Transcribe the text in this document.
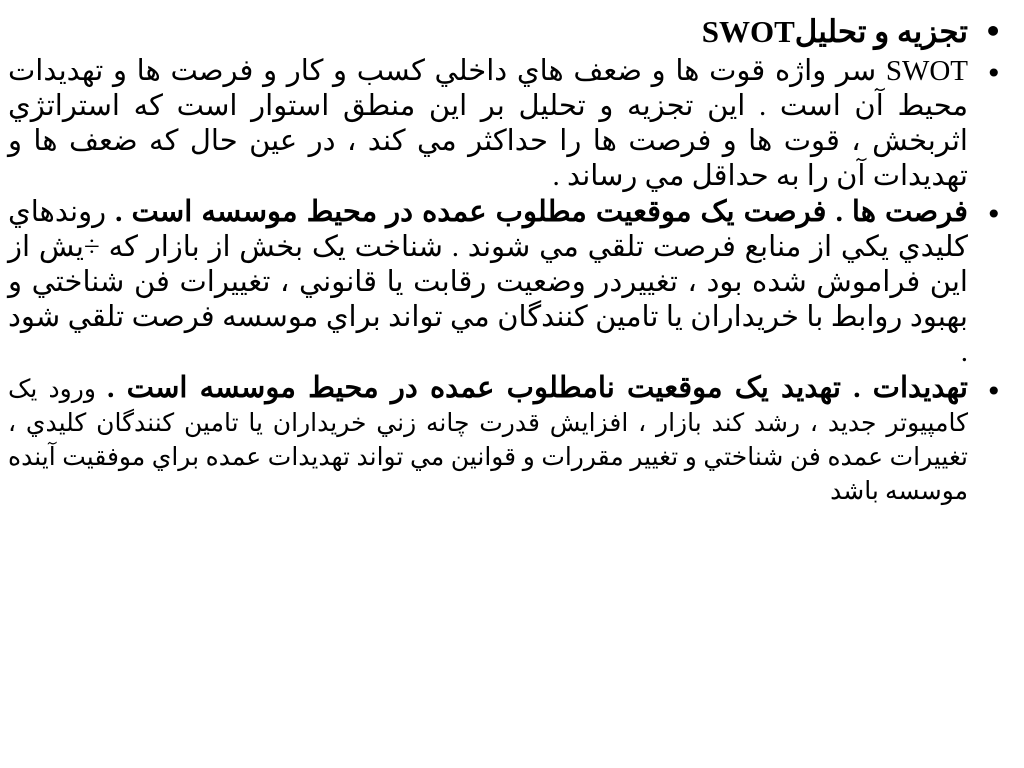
•
تجزيه و تحليلSWOT
•
SWOT سر واژه قوت ها و ضعف هاي داخلي كسب و كار و فرصت ها و تهديدات محيط آن است . اين تجزيه و تحليل بر اين منطق استوار است كه استراتژي اثربخش ، قوت ها و فرصت ها را حداكثر مي كند ، در عين حال كه ضعف ها و تهديدات آن را به حداقل مي رساند .
•
فرصت ها . فرصت يک موقعيت مطلوب عمده در محيط موسسه است . روندهاي كليدي يكي از منابع فرصت تلقي مي شوند . شناخت يک بخش از بازار كه ÷يش از اين فراموش شده بود ، تغييردر وضعيت رقابت يا قانوني ، تغييرات فن شناختي و بهبود روابط با خريداران يا تامين كنندگان مي تواند براي موسسه فرصت تلقي شود .
•
تهديدات . تهديد يک موقعيت نامطلوب عمده در محيط موسسه است . ورود يک كامپيوتر جديد ، رشد كند بازار ، افزايش قدرت چانه زني خريداران يا تامين كنندگان كليدي ، تغييرات عمده فن شناختي و تغيير مقررات و قوانين مي تواند تهديدات عمده براي موفقيت آينده موسسه باشد
